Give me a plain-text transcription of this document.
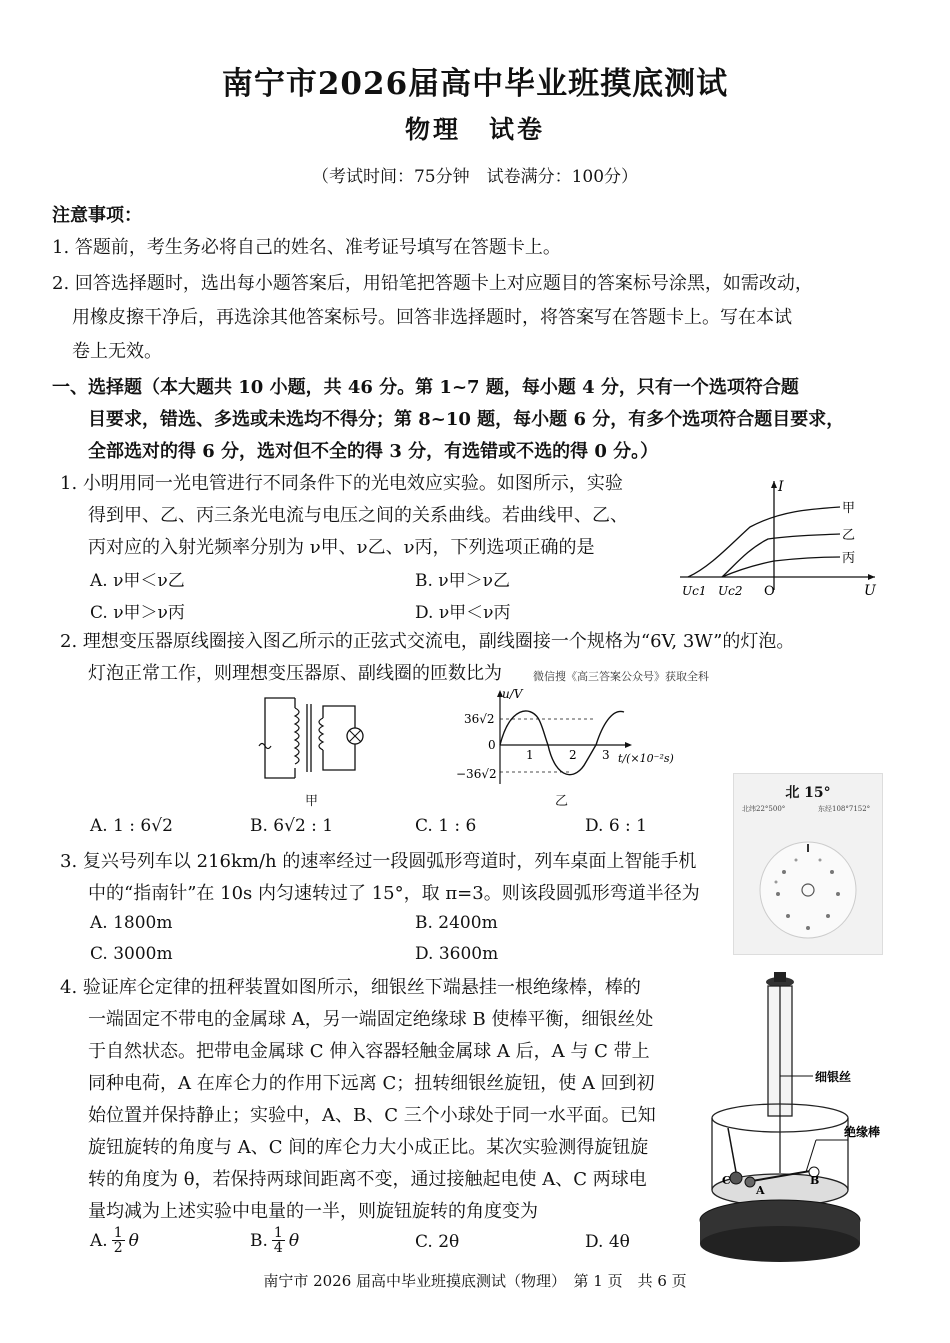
南宁市2026届高中毕业班摸底测试
物理　试卷
（考试时间：75分钟　试卷满分：100分）
注意事项：
1. 答题前，考生务必将自己的姓名、准考证号填写在答题卡上。
2. 回答选择题时，选出每小题答案后，用铅笔把答题卡上对应题目的答案标号涂黑，如需改动，
用橡皮擦干净后，再选涂其他答案标号。回答非选择题时，将答案写在答题卡上。写在本试
卷上无效。
一、选择题（本大题共 10 小题，共 46 分。第 1~7 题，每小题 4 分，只有一个选项符合题
目要求，错选、多选或未选均不得分；第 8~10 题，每小题 6 分，有多个选项符合题目要求，
全部选对的得 6 分，选对但不全的得 3 分，有选错或不选的得 0 分。）
1. 小明用同一光电管进行不同条件下的光电效应实验。如图所示，实验
得到甲、乙、丙三条光电流与电压之间的关系曲线。若曲线甲、乙、
丙对应的入射光频率分别为 ν甲、ν乙、ν丙，下列选项正确的是
A. ν甲＜ν乙	B. ν甲＞ν乙
C. ν甲＞ν丙	D. ν甲＜ν丙
I
U
O
Uc1 Uc2
甲
乙
丙
2. 理想变压器原线圈接入图乙所示的正弦式交流电，副线圈接一个规格为“6V, 3W”的灯泡。
灯泡正常工作，则理想变压器原、副线圈的匝数比为	微信搜《高三答案公众号》获取全科
甲
u/V
36√2
0
−36√2
1	2 3 t/(×10⁻²s)
乙
A. 1 : 6√2	B. 6√2 : 1	C. 1 : 6	D. 6 : 1
北 15°
北纬22°500°	东经108°7152°
3. 复兴号列车以 216km/h 的速率经过一段圆弧形弯道时，列车桌面上智能手机
中的“指南针”在 10s 内匀速转过了 15°，取 π=3。则该段圆弧形弯道半径为
A. 1800m	B. 2400m
C. 3000m	D. 3600m
4. 验证库仑定律的扭秤装置如图所示，细银丝下端悬挂一根绝缘棒，棒的
一端固定不带电的金属球 A，另一端固定绝缘球 B 使棒平衡，细银丝处
于自然状态。把带电金属球 C 伸入容器轻触金属球 A 后，A 与 C 带上
同种电荷，A 在库仑力的作用下远离 C；扭转细银丝旋钮，使 A 回到初
始位置并保持静止；实验中，A、B、C 三个小球处于同一水平面。已知
旋钮旋转的角度与 A、C 间的库仑力大小成正比。某次实验测得旋钮旋
转的角度为 θ，若保持两球间距离不变，通过接触起电使 A、C 两球电
量均减为上述实验中电量的一半，则旋钮旋转的角度变为
A. $\frac{1}{2}$ θ	B. $\frac{1}{4}$ θ	C. 2θ	D. 4θ
细银丝
绝缘棒
A
B
C
南宁市 2026 届高中毕业班摸底测试（物理）　第 1 页　共 6 页
